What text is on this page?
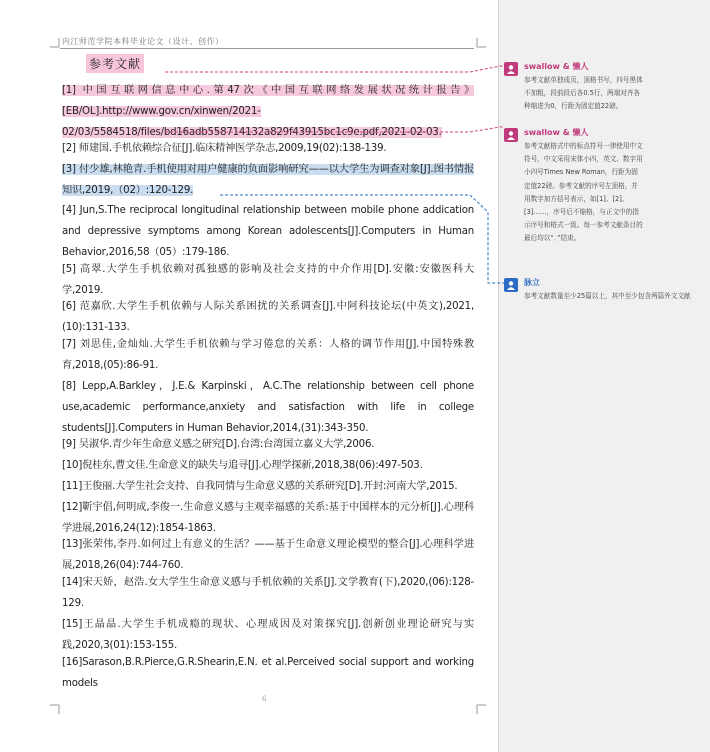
内江师范学院本科毕业论文（设计、创作）
参考文献
[1] 中国互联网信息中心.第47次《中国互联网络发展状况统计报告》[EB/OL].http://www.gov.cn/xinwen/2021-02/03/5584518/files/bd16adb558714132a829f43915bc1c9e.pdf,2021-02-03.
[2] 师建国.手机依赖综合征[J].临床精神医学杂志,2009,19(02):138-139.
[3] 付少雄,林艳青.手机使用对用户健康的负面影响研究——以大学生为调查对象[J].图书情报知识,2019,（02）:120-129.
[4] Jun,S.The reciprocal longitudinal relationship between mobile phone addication and depressive symptoms among Korean adolescents[J].Computers in Human Behavior,2016,58（05）:179-186.
[5] 高翠.大学生手机依赖对孤独感的影响及社会支持的中介作用[D].安徽:安徽医科大学,2019.
[6] 范嘉欣.大学生手机依赖与人际关系困扰的关系调查[J].中阿科技论坛(中英文),2021,(10):131-133.
[7] 刘思佳,金灿灿.大学生手机依赖与学习倦怠的关系：人格的调节作用[J].中国特殊教育,2018,(05):86-91.
[8] Lepp,A.Barkley，J.E.& Karpinski，A.C.The relationship between cell phone use,academic performance,anxiety and satisfaction with life in college students[J].Computers in Human Behavior,2014,(31):343-350.
[9] 吴淑华.青少年生命意义感之研究[D].台湾:台湾国立嘉义大学,2006.
[10]倪桂东,曹文佳.生命意义的缺失与追寻[J].心理学探新,2018,38(06):497-503.
[11]王俊丽.大学生社会支持、自我同情与生命意义感的关系研究[D].开封:河南大学,2015.
[12]靳宇倡,何明成,李俊一.生命意义感与主观幸福感的关系:基于中国样本的元分析[J].心理科学进展,2016,24(12):1854-1863.
[13]张荣伟,李丹.如何过上有意义的生活？——基于生命意义理论模型的整合[J].心理科学进展,2018,26(04):744-760.
[14]宋天娇，赵浩.女大学生生命意义感与手机依赖的关系[J].文学教育(下),2020,(06):128-129.
[15]王晶晶.大学生手机成瘾的现状、心理成因及对策探究[J].创新创业理论研究与实践,2020,3(01):153-155.
[16]Sarason,B.R.Pierce,G.R.Shearin,E.N. et al.Perceived social support and working models
6
swallow & 懒人
参考文献单独成页，顶格书写，四号黑体不加粗，段前段后各0.5行，两端对齐各种缩进为0，行距为固定值22磅。
swallow & 懒人
参考文献格式中的标点符号一律使用中文符号，中文采用宋体小四，英文、数字用小四号Times New Roman，行距为固定值22磅。参考文献的序号左顶格，并用数字加方括号表示，如[1]、[2]、[3]……，序号后不缩格，与正文中的指示序号和格式一致。每一参考文献条目的最后均以“．”结束。
脉立
参考文献数量至少25篇以上，其中至少包含两篇外文文献
